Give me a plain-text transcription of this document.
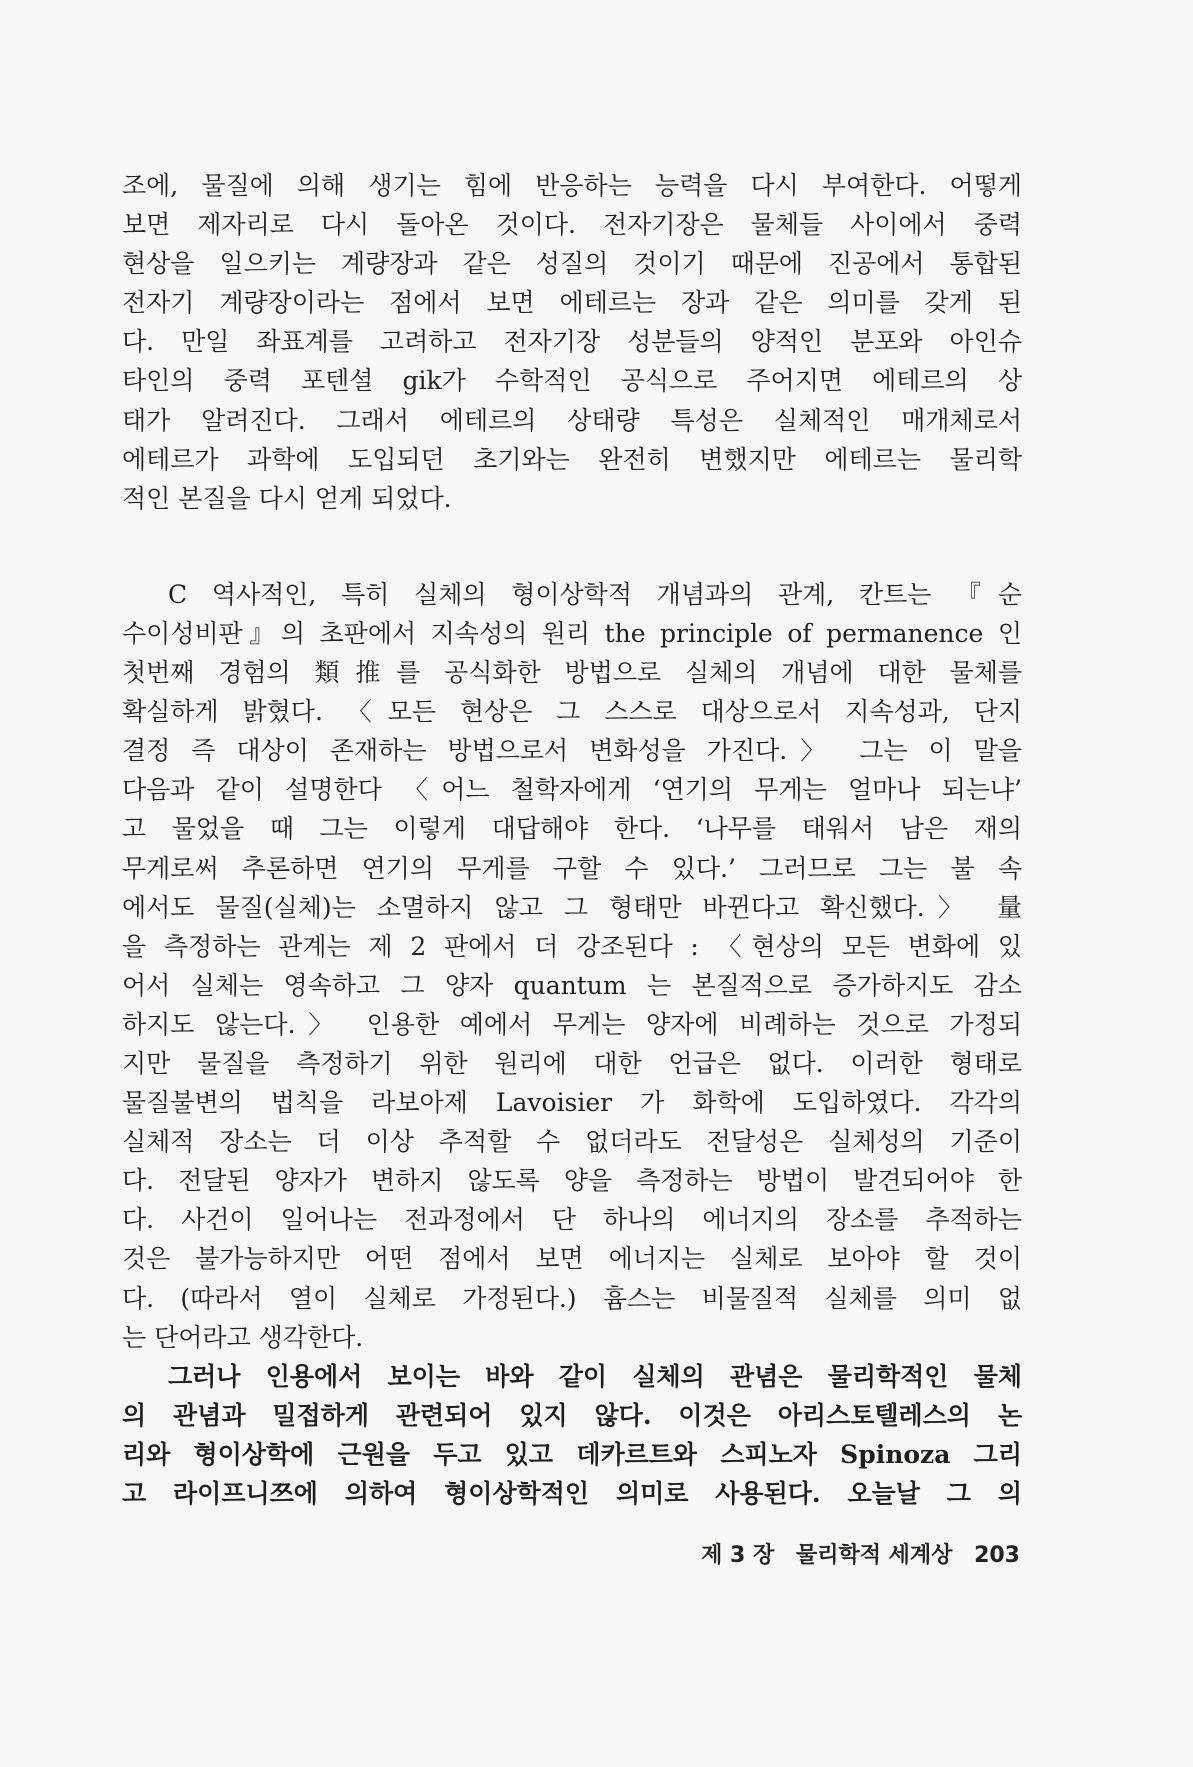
조에, 물질에 의해 생기는 힘에 반응하는 능력을 다시 부여한다. 어떻게
보면 제자리로 다시 돌아온 것이다. 전자기장은 물체들 사이에서 중력
현상을 일으키는 계량장과 같은 성질의 것이기 때문에 진공에서 통합된
전자기 계량장이라는 점에서 보면 에테르는 장과 같은 의미를 갖게 된
다. 만일 좌표계를 고려하고 전자기장 성분들의 양적인 분포와 아인슈
타인의 중력 포텐셜 gik가 수학적인 공식으로 주어지면 에테르의 상
태가 알려진다. 그래서 에테르의 상태량 특성은 실체적인 매개체로서
에테르가 과학에 도입되던 초기와는 완전히 변했지만 에테르는 물리학
적인 본질을 다시 얻게 되었다.
C 역사적인, 특히 실체의 형이상학적 개념과의 관계, 칸트는 『순
수이성비판』의 초판에서 지속성의 원리 the principle of permanence 인
첫번째 경험의 類推를 공식화한 방법으로 실체의 개념에 대한 물체를
확실하게 밝혔다. 〈모든 현상은 그 스스로 대상으로서 지속성과, 단지
결정 즉 대상이 존재하는 방법으로서 변화성을 가진다.〉 그는 이 말을
다음과 같이 설명한다 〈어느 철학자에게 ‘연기의 무게는 얼마나 되는냐’
고 물었을 때 그는 이렇게 대답해야 한다. ‘나무를 태워서 남은 재의
무게로써 추론하면 연기의 무게를 구할 수 있다.’ 그러므로 그는 불 속
에서도 물질(실체)는 소멸하지 않고 그 형태만 바뀐다고 확신했다.〉 量
을 측정하는 관계는 제 2 판에서 더 강조된다 : 〈현상의 모든 변화에 있
어서 실체는 영속하고 그 양자 quantum 는 본질적으로 증가하지도 감소
하지도 않는다.〉 인용한 예에서 무게는 양자에 비례하는 것으로 가정되
지만 물질을 측정하기 위한 원리에 대한 언급은 없다. 이러한 형태로
물질불변의 법칙을 라보아제 Lavoisier 가 화학에 도입하였다. 각각의
실체적 장소는 더 이상 추적할 수 없더라도 전달성은 실체성의 기준이
다. 전달된 양자가 변하지 않도록 양을 측정하는 방법이 발견되어야 한
다. 사건이 일어나는 전과정에서 단 하나의 에너지의 장소를 추적하는
것은 불가능하지만 어떤 점에서 보면 에너지는 실체로 보아야 할 것이
다. (따라서 열이 실체로 가정된다.) 흄스는 비물질적 실체를 의미 없
는 단어라고 생각한다.
그러나 인용에서 보이는 바와 같이 실체의 관념은 물리학적인 물체
의 관념과 밀접하게 관련되어 있지 않다. 이것은 아리스토텔레스의 논
리와 형이상학에 근원을 두고 있고 데카르트와 스피노자 Spinoza 그리
고 라이프니쯔에 의하여 형이상학적인 의미로 사용된다. 오늘날 그 의
제 3 장 물리학적 세계상 203
